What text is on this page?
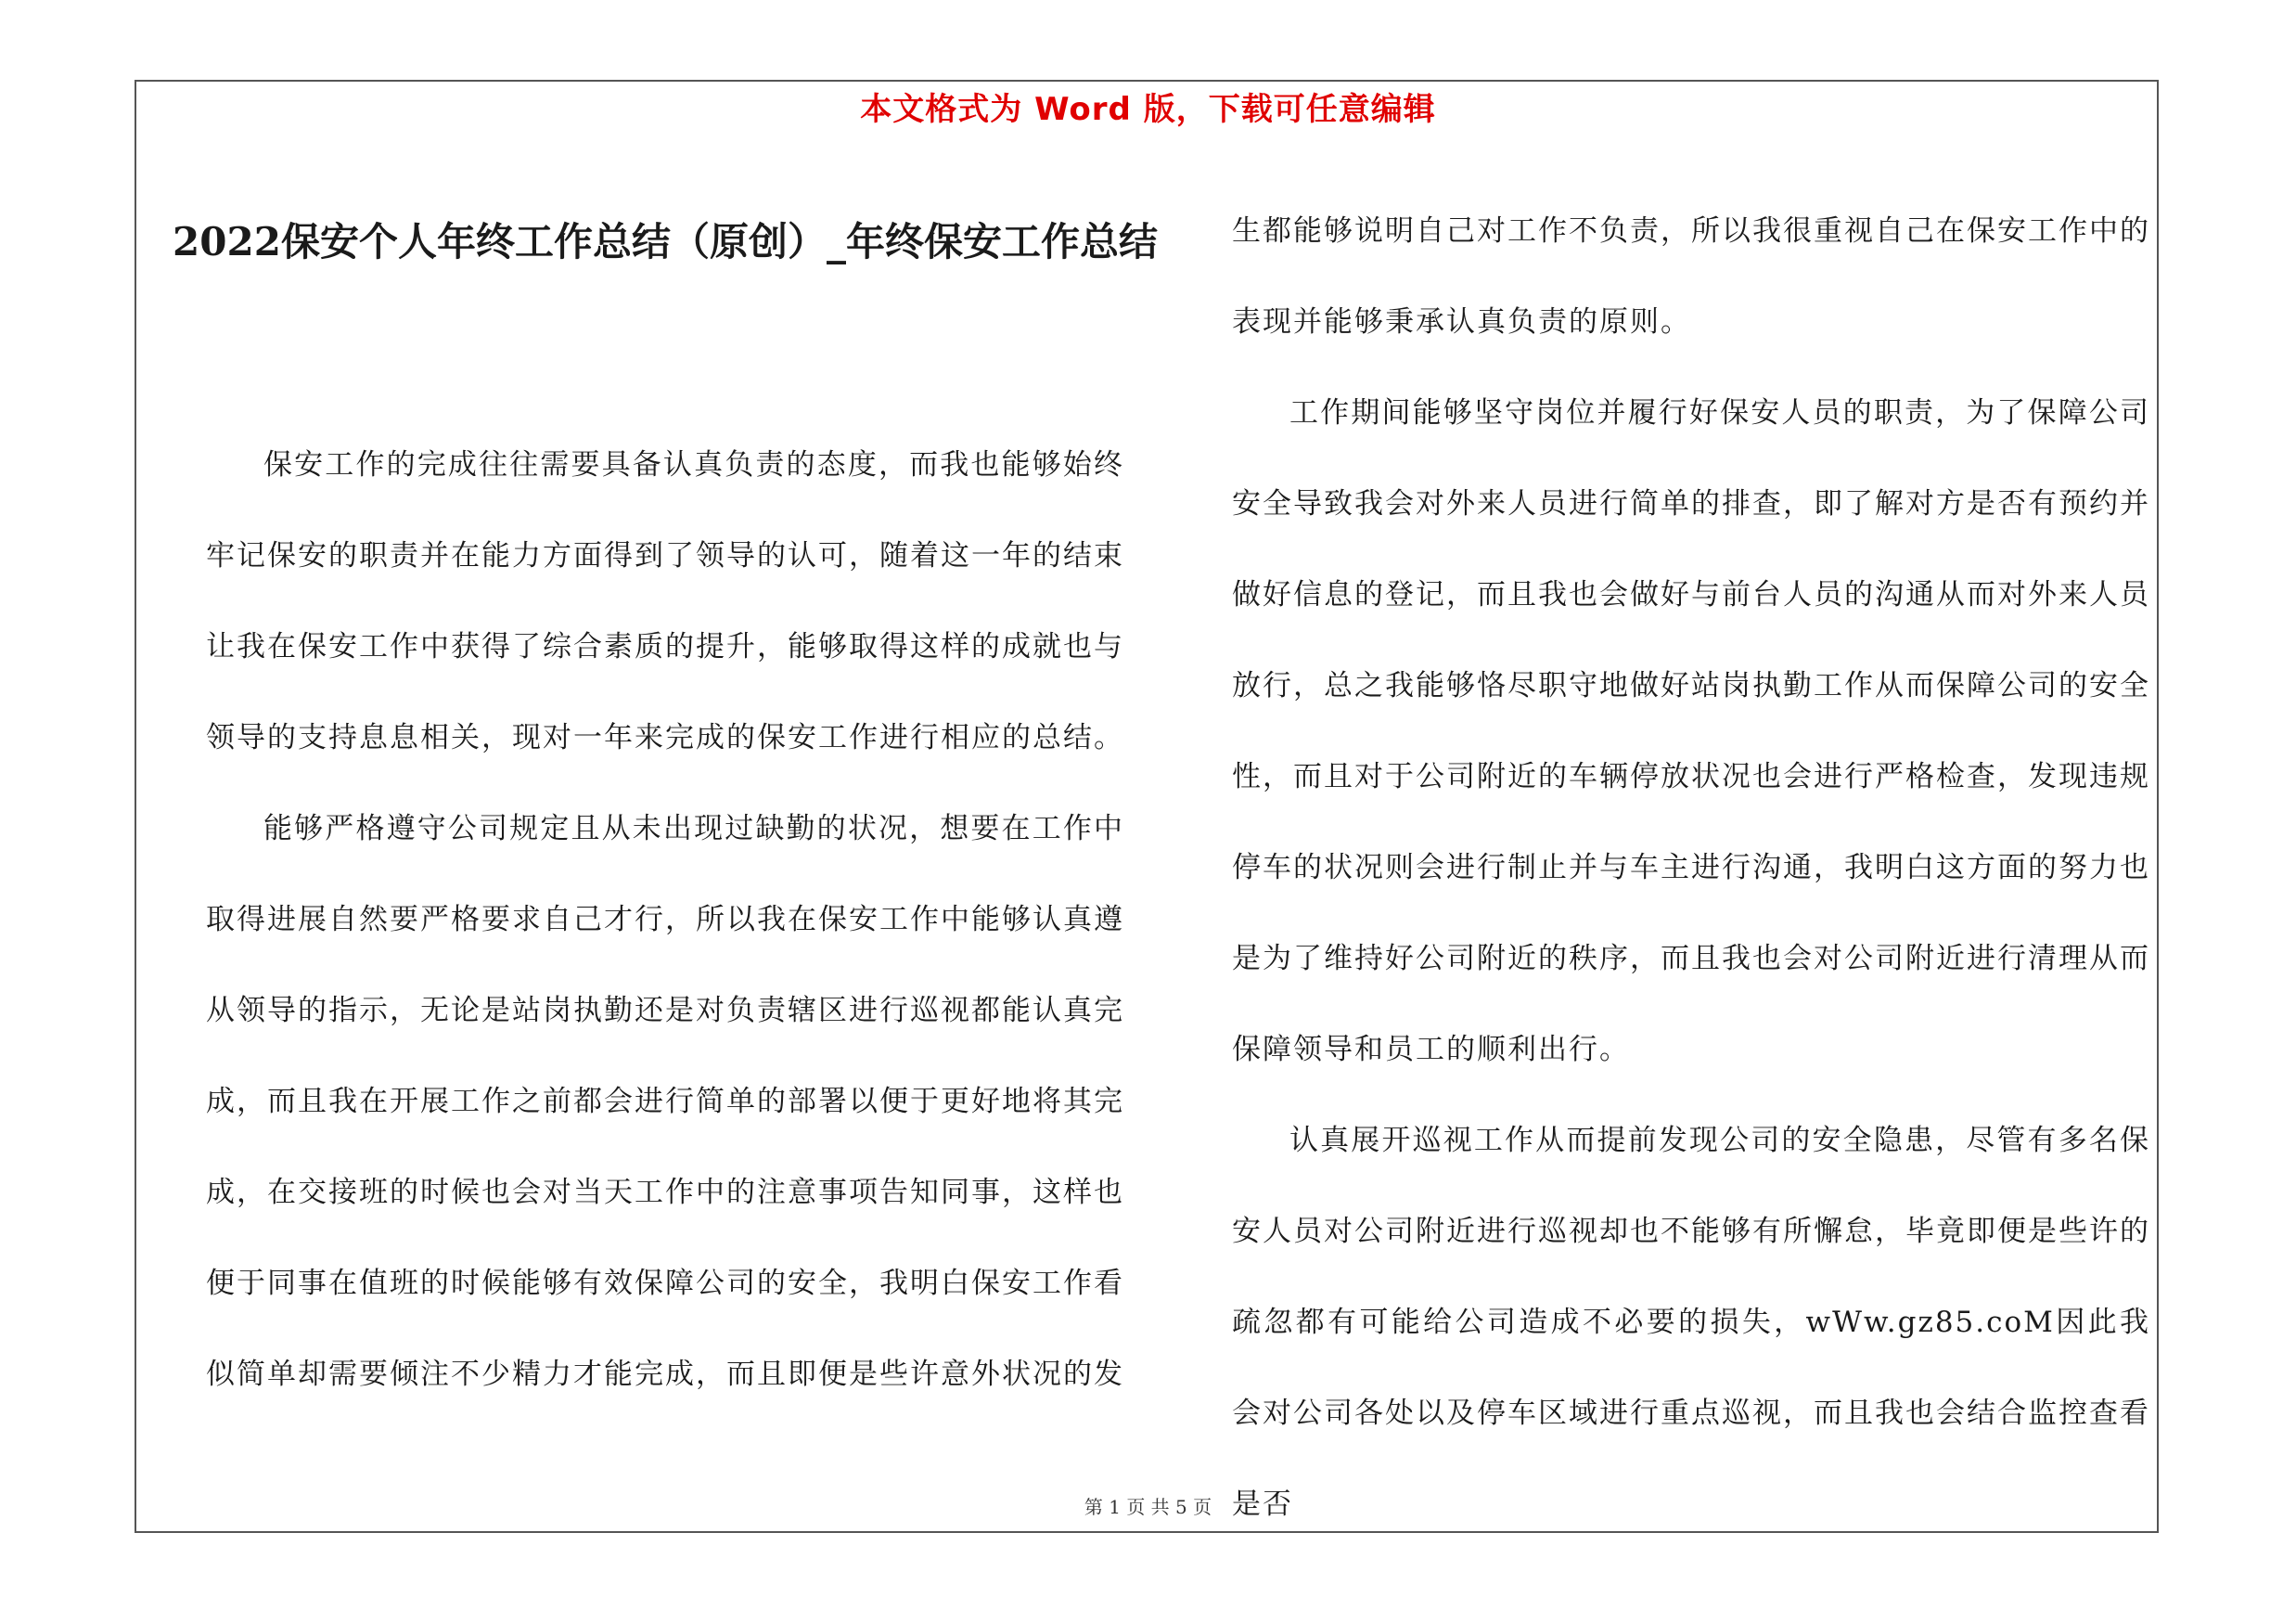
本文格式为 Word 版，下载可任意编辑
2022保安个人年终工作总结（原创）_年终保安工作总结

保安工作的完成往往需要具备认真负责的态度，而我也能够始终牢记保安的职责并在能力方面得到了领导的认可，随着这一年的结束让我在保安工作中获得了综合素质的提升，能够取得这样的成就也与领导的支持息息相关，现对一年来完成的保安工作进行相应的总结。

能够严格遵守公司规定且从未出现过缺勤的状况，想要在工作中取得进展自然要严格要求自己才行，所以我在保安工作中能够认真遵从领导的指示，无论是站岗执勤还是对负责辖区进行巡视都能认真完成，而且我在开展工作之前都会进行简单的部署以便于更好地将其完成，在交接班的时候也会对当天工作中的注意事项告知同事，这样也便于同事在值班的时候能够有效保障公司的安全，我明白保安工作看似简单却需要倾注不少精力才能完成，而且即便是些许意外状况的发

生都能够说明自己对工作不负责，所以我很重视自己在保安工作中的表现并能够秉承认真负责的原则。

工作期间能够坚守岗位并履行好保安人员的职责，为了保障公司安全导致我会对外来人员进行简单的排查，即了解对方是否有预约并做好信息的登记，而且我也会做好与前台人员的沟通从而对外来人员放行，总之我能够恪尽职守地做好站岗执勤工作从而保障公司的安全性，而且对于公司附近的车辆停放状况也会进行严格检查，发现违规停车的状况则会进行制止并与车主进行沟通，我明白这方面的努力也是为了维持好公司附近的秩序，而且我也会对公司附近进行清理从而保障领导和员工的顺利出行。

认真展开巡视工作从而提前发现公司的安全隐患，尽管有多名保安人员对公司附近进行巡视却也不能够有所懈怠，毕竟即便是些许的疏忽都有可能给公司造成不必要的损失，wWw.gz85.coM因此我会对公司各处以及停车区域进行重点巡视，而且我也会结合监控查看是否

第 1 页 共 5 页
